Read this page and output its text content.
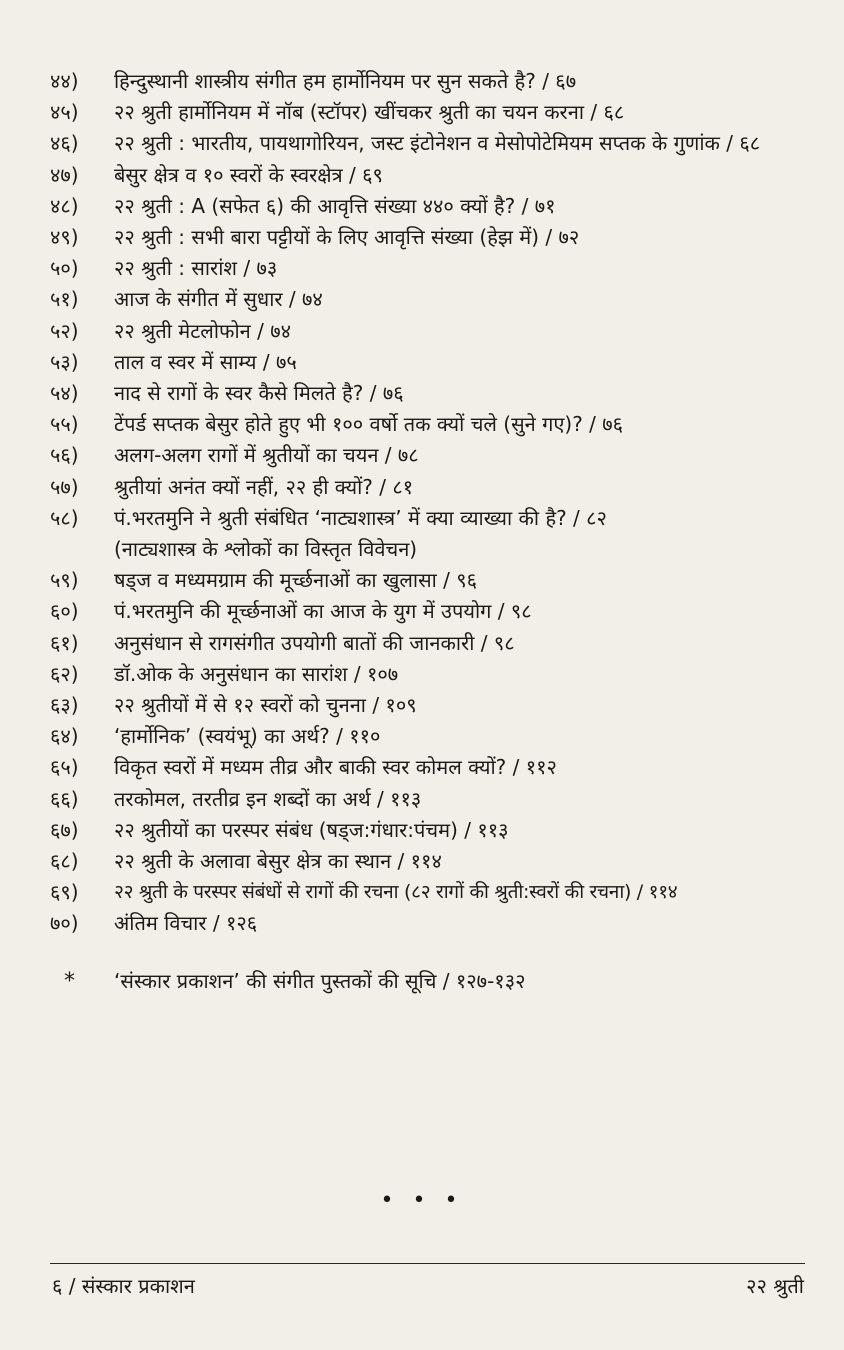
४४)	हिन्दुस्थानी शास्त्रीय संगीत हम हार्मोनियम पर सुन सकते है? / ६७
४५)	२२ श्रुती हार्मोनियम में नॉब (स्टॉपर) खींचकर श्रुती का चयन करना / ६८
४६)	२२ श्रुती : भारतीय, पायथागोरियन, जस्ट इंटोनेशन व मेसोपोटेमियम सप्तक के गुणांक / ६८
४७)	बेसुर क्षेत्र व १० स्वरों के स्वरक्षेत्र / ६९
४८)	२२ श्रुती : A (सफेत ६) की आवृत्ति संख्या ४४० क्यों है? / ७१
४९)	२२ श्रुती : सभी बारा पट्टीयों के लिए आवृत्ति संख्या (हेझ में) / ७२
५०)	२२ श्रुती : सारांश / ७३
५१)	आज के संगीत में सुधार / ७४
५२)	२२ श्रुती मेटलोफोन / ७४
५३)	ताल व स्वर में साम्य / ७५
५४)	नाद से रागों के स्वर कैसे मिलते है? / ७६
५५)	टेंपर्ड सप्तक बेसुर होते हुए भी १०० वर्षो तक क्यों चले (सुने गए)? / ७६
५६)	अलग-अलग रागों में श्रुतीयों का चयन / ७८
५७)	श्रुतीयां अनंत क्यों नहीं, २२ ही क्यों? / ८१
५८)	पं.भरतमुनि ने श्रुती संबंधित ‘नाट्यशास्त्र’ में क्या व्याख्या की है? / ८२
(नाट्यशास्त्र के श्लोकों का विस्तृत विवेचन)
५९)	षड्ज व मध्यमग्राम की मूर्च्छनाओं का खुलासा / ९६
६०)	पं.भरतमुनि की मूर्च्छनाओं का आज के युग में उपयोग / ९८
६१)	अनुसंधान से रागसंगीत उपयोगी बातों की जानकारी / ९८
६२)	डॉ.ओक के अनुसंधान का सारांश / १०७
६३)	२२ श्रुतीयों में से १२ स्वरों को चुनना / १०९
६४)	‘हार्मोनिक’ (स्वयंभू) का अर्थ? / ११०
६५)	विकृत स्वरों में मध्यम तीव्र और बाकी स्वर कोमल क्यों? / ११२
६६)	तरकोमल, तरतीव्र इन शब्दों का अर्थ / ११३
६७)	२२ श्रुतीयों का परस्पर संबंध (षड्ज:गंधार:पंचम) / ११३
६८)	२२ श्रुती के अलावा बेसुर क्षेत्र का स्थान / ११४
६९)	२२ श्रुती के परस्पर संबंधों से रागों की रचना (८२ रागों की श्रुती:स्वरों की रचना) / ११४
७०)	अंतिम विचार / १२६
*	‘संस्कार प्रकाशन’ की संगीत पुस्तकों की सूचि / १२७-१३२
• • •
६ / संस्कार प्रकाशन	२२ श्रुती
